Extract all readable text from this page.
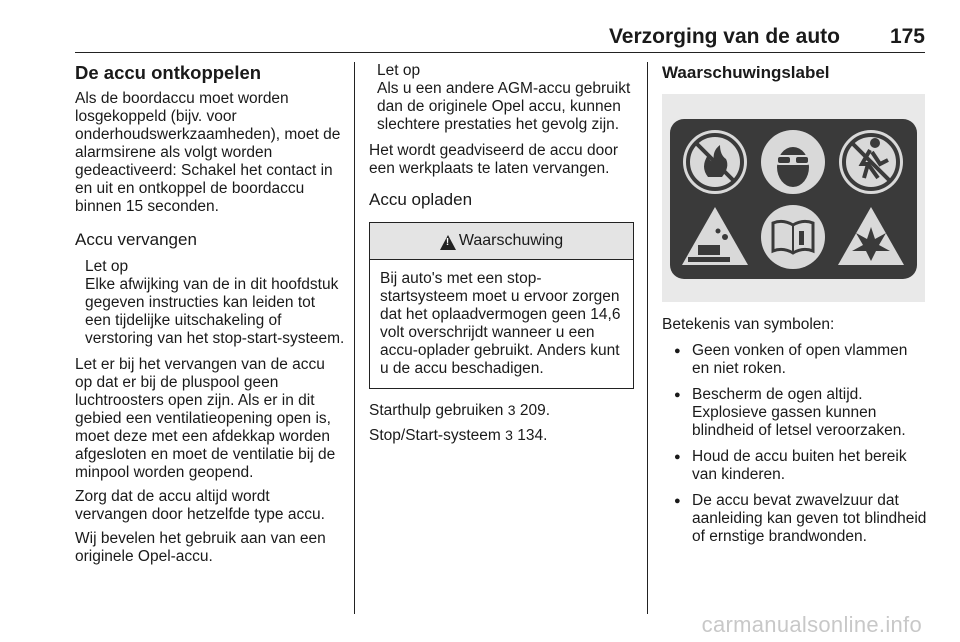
Verzorging van de auto 175
De accu ontkoppelen

Als de boordaccu moet worden losgekoppeld (bijv. voor onderhoudswerkzaamheden), moet de alarmsirene als volgt worden gedeactiveerd: Schakel het contact in en uit en ontkoppel de boordaccu binnen 15 seconden.

Accu vervangen
Let op
Elke afwijking van de in dit hoofdstuk gegeven instructies kan leiden tot een tijdelijke uitschakeling of verstoring van het stop-start-systeem.

Let er bij het vervangen van de accu op dat er bij de pluspool geen luchtroosters open zijn. Als er in dit gebied een ventilatieopening open is, moet deze met een afdekkap worden afgesloten en moet de ventilatie bij de minpool worden geopend.

Zorg dat de accu altijd wordt vervangen door hetzelfde type accu.

Wij bevelen het gebruik aan van een originele Opel-accu.

Let op
Als u een andere AGM-accu gebruikt dan de originele Opel accu, kunnen slechtere prestaties het gevolg zijn.

Het wordt geadviseerd de accu door een werkplaats te laten vervangen.

Accu opladen
! Waarschuwing
Bij auto's met een stop-startsysteem moet u ervoor zorgen dat het oplaadvermogen geen 14,6 volt overschrijdt wanneer u een accu-oplader gebruikt. Anders kunt u de accu beschadigen.

Starthulp gebruiken 3 209.

Stop/Start-systeem 3 134.

Waarschuwingslabel

Betekenis van symbolen:

● Geen vonken of open vlammen en niet roken.
● Bescherm de ogen altijd. Explosieve gassen kunnen blindheid of letsel veroorzaken.
● Houd de accu buiten het bereik van kinderen.
● De accu bevat zwavelzuur dat aanleiding kan geven tot blindheid of ernstige brandwonden.
carmanualsonline.info
